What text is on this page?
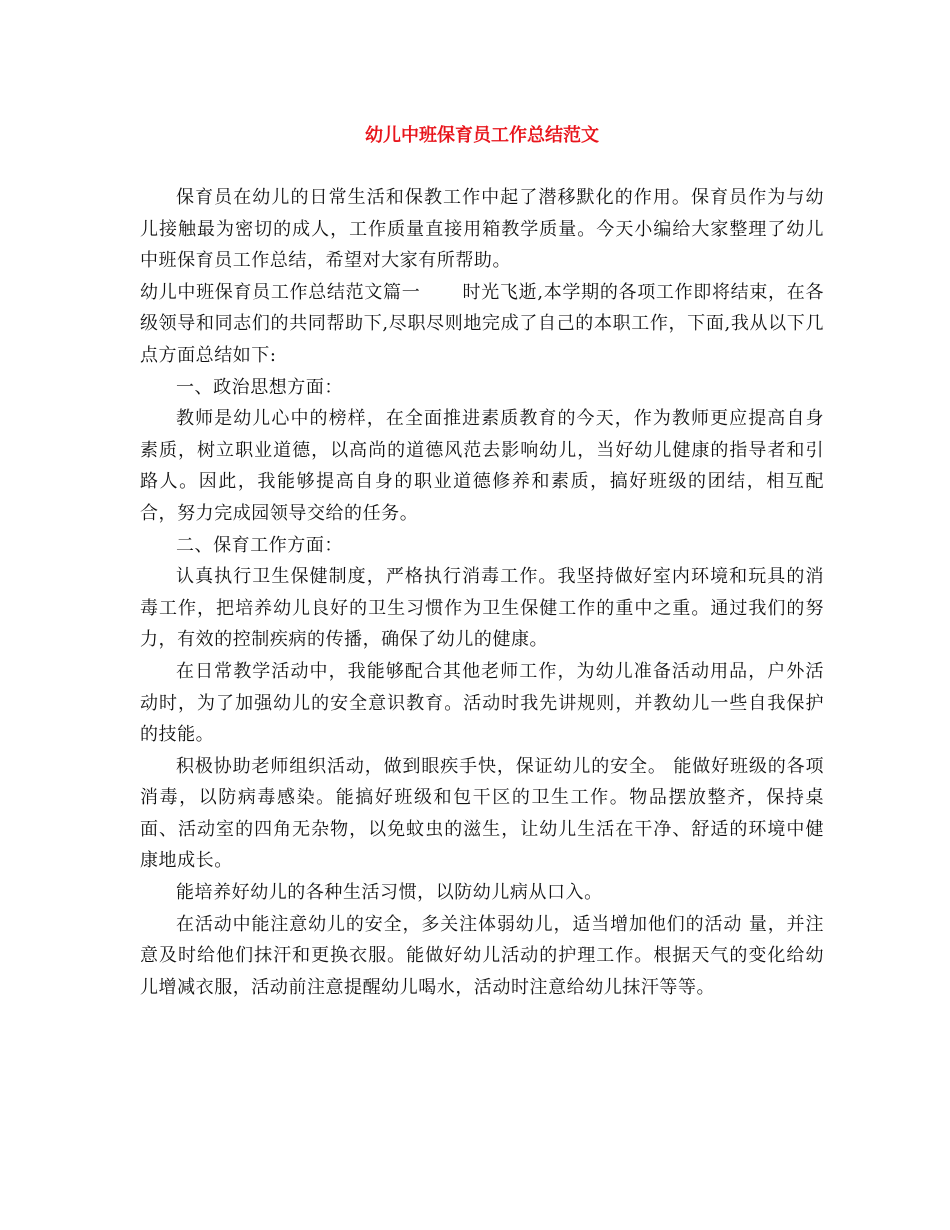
幼儿中班保育员工作总结范文

保育员在幼儿的日常生活和保教工作中起了潜移默化的作用。保育员作为与幼儿接触最为密切的成人，工作质量直接用箱教学质量。今天小编给大家整理了幼儿中班保育员工作总结，希望对大家有所帮助。

幼儿中班保育员工作总结范文篇一 时光飞逝,本学期的各项工作即将结束，在各级领导和同志们的共同帮助下,尽职尽则地完成了自己的本职工作，下面,我从以下几点方面总结如下:

一、政治思想方面：

教师是幼儿心中的榜样，在全面推进素质教育的今天，作为教师更应提高自身素质，树立职业道德，以高尚的道德风范去影响幼儿，当好幼儿健康的指导者和引路人。因此，我能够提高自身的职业道德修养和素质，搞好班级的团结，相互配合，努力完成园领导交给的任务。

二、保育工作方面：

认真执行卫生保健制度，严格执行消毒工作。我坚持做好室内环境和玩具的消毒工作，把培养幼儿良好的卫生习惯作为卫生保健工作的重中之重。通过我们的努力，有效的控制疾病的传播，确保了幼儿的健康。

在日常教学活动中，我能够配合其他老师工作，为幼儿准备活动用品，户外活动时，为了加强幼儿的安全意识教育。活动时我先讲规则，并教幼儿一些自我保护的技能。

积极协助老师组织活动，做到眼疾手快，保证幼儿的安全。 能做好班级的各项消毒，以防病毒感染。能搞好班级和包干区的卫生工作。物品摆放整齐，保持桌面、活动室的四角无杂物，以免蚊虫的滋生，让幼儿生活在干净、舒适的环境中健康地成长。

能培养好幼儿的各种生活习惯，以防幼儿病从口入。

在活动中能注意幼儿的安全，多关注体弱幼儿，适当增加他们的活动 量，并注意及时给他们抹汗和更换衣服。能做好幼儿活动的护理工作。根据天气的变化给幼儿增减衣服，活动前注意提醒幼儿喝水，活动时注意给幼儿抹汗等等。
